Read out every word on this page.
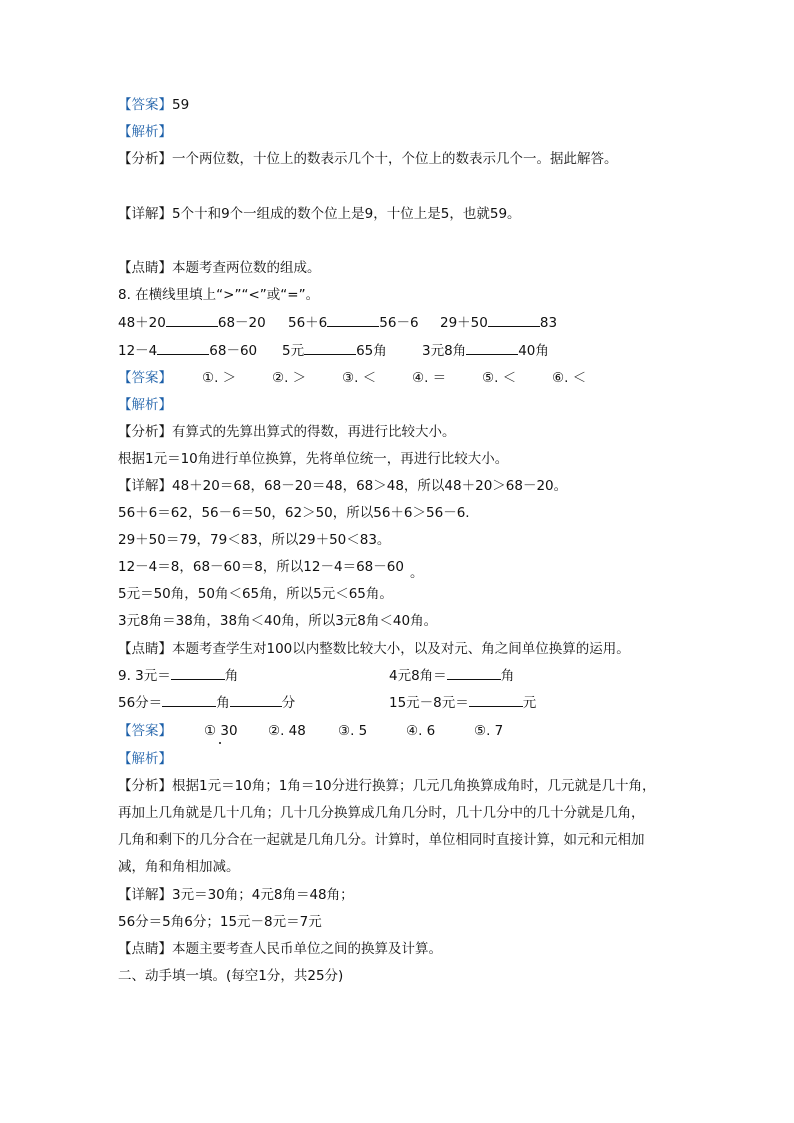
【答案】59
【解析】
【分析】一个两位数，十位上的数表示几个十，个位上的数表示几个一。据此解答。
【详解】5个十和9个一组成的数个位上是9，十位上是5，也就59。
【点睛】本题考查两位数的组成。
8. 在横线里填上“>”“<”或“=”。
48＋20	68－20 56＋6	56－6 29＋50	83
12－4	68－60 5元	65角	3元8角	40角
【答案】 ①. ＞	②. ＞	③. ＜	④. ＝	⑤. ＜	⑥. ＜
【解析】
【分析】有算式的先算出算式的得数，再进行比较大小。
根据1元＝10角进行单位换算，先将单位统一，再进行比较大小。
【详解】48＋20＝68，68－20＝48，68＞48，所以48＋20＞68－20。
56＋6＝62，56－6＝50，62＞50，所以56＋6＞56－6.
29＋50＝79，79＜83，所以29＋50＜83。
12－4＝8，68－60＝8，所以12－4＝68－60 。
5元＝50角，50角＜65角，所以5元＜65角。
3元8角＝38角，38角＜40角，所以3元8角＜40角。
【点睛】本题考查学生对100以内整数比较大小，以及对元、角之间单位换算的运用。
9. 3元＝	角	4元8角＝	角
56分＝	角	分	15元－8元＝	元
【答案】 ① 30 ②. 48 ③. 5	④. 6	⑤. 7
【解析】
【分析】根据1元＝10角；1角＝10分进行换算；几元几角换算成角时，几元就是几十角，
再加上几角就是几十几角；几十几分换算成几角几分时，几十几分中的几十分就是几角，
几角和剩下的几分合在一起就是几角几分。计算时，单位相同时直接计算，如元和元相加
减，角和角相加减。
【详解】3元＝30角；4元8角＝48角；
56分＝5角6分；15元－8元＝7元
【点睛】本题主要考查人民币单位之间的换算及计算。
二、动手填一填。(每空1分，共25分)
